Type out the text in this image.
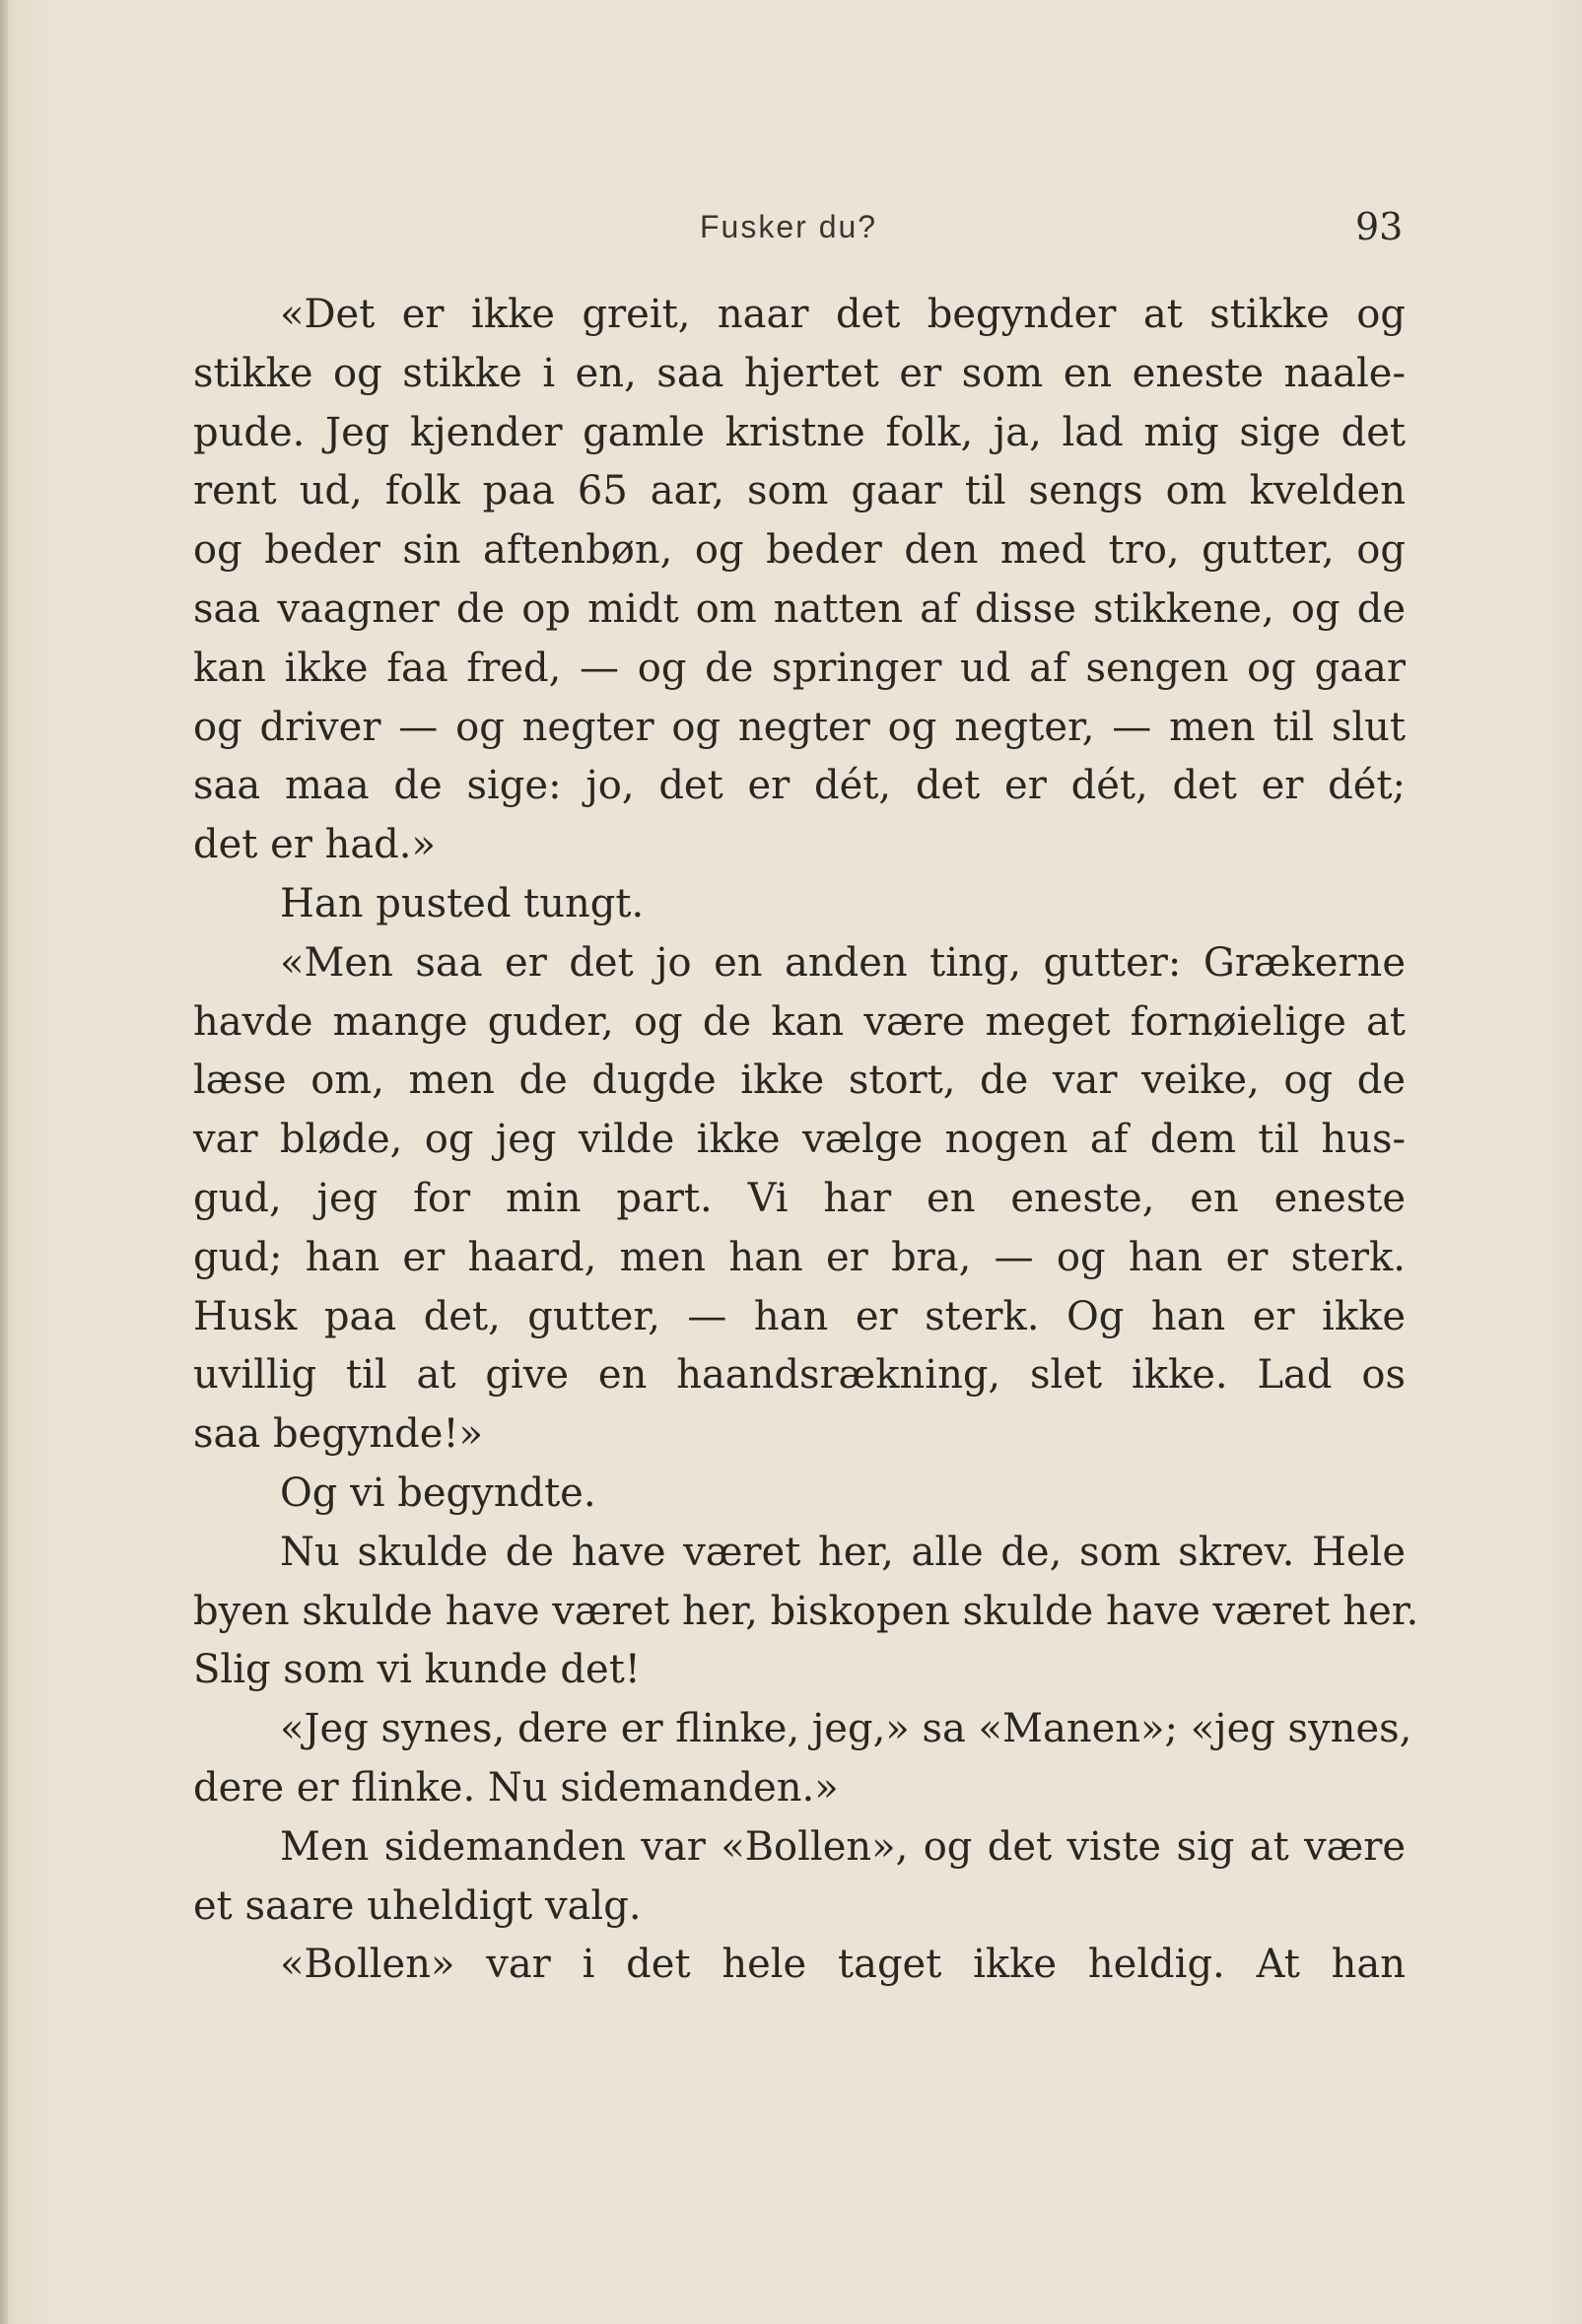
Fusker du?	93
«Det er ikke greit, naar det begynder at stikke og
stikke og stikke i en, saa hjertet er som en eneste naale-
pude. Jeg kjender gamle kristne folk, ja, lad mig sige det
rent ud, folk paa 65 aar, som gaar til sengs om kvelden
og beder sin aftenbøn, og beder den med tro, gutter, og
saa vaagner de op midt om natten af disse stikkene, og de
kan ikke faa fred, — og de springer ud af sengen og gaar
og driver — og negter og negter og negter, — men til slut
saa maa de sige: jo, det er dét, det er dét, det er dét;
det er had.»
Han pusted tungt.
«Men saa er det jo en anden ting, gutter: Grækerne
havde mange guder, og de kan være meget fornøielige at
læse om, men de dugde ikke stort, de var veike, og de
var bløde, og jeg vilde ikke vælge nogen af dem til hus-
gud, jeg for min part. Vi har en eneste, en eneste
gud; han er haard, men han er bra, — og han er sterk.
Husk paa det, gutter, — han er sterk. Og han er ikke
uvillig til at give en haandsrækning, slet ikke. Lad os
saa begynde!»
Og vi begyndte.
Nu skulde de have været her, alle de, som skrev. Hele
byen skulde have været her, biskopen skulde have været her.
Slig som vi kunde det!
«Jeg synes, dere er flinke, jeg,» sa «Manen»; «jeg synes,
dere er flinke. Nu sidemanden.»
Men sidemanden var «Bollen», og det viste sig at være
et saare uheldigt valg.
«Bollen» var i det hele taget ikke heldig. At han
